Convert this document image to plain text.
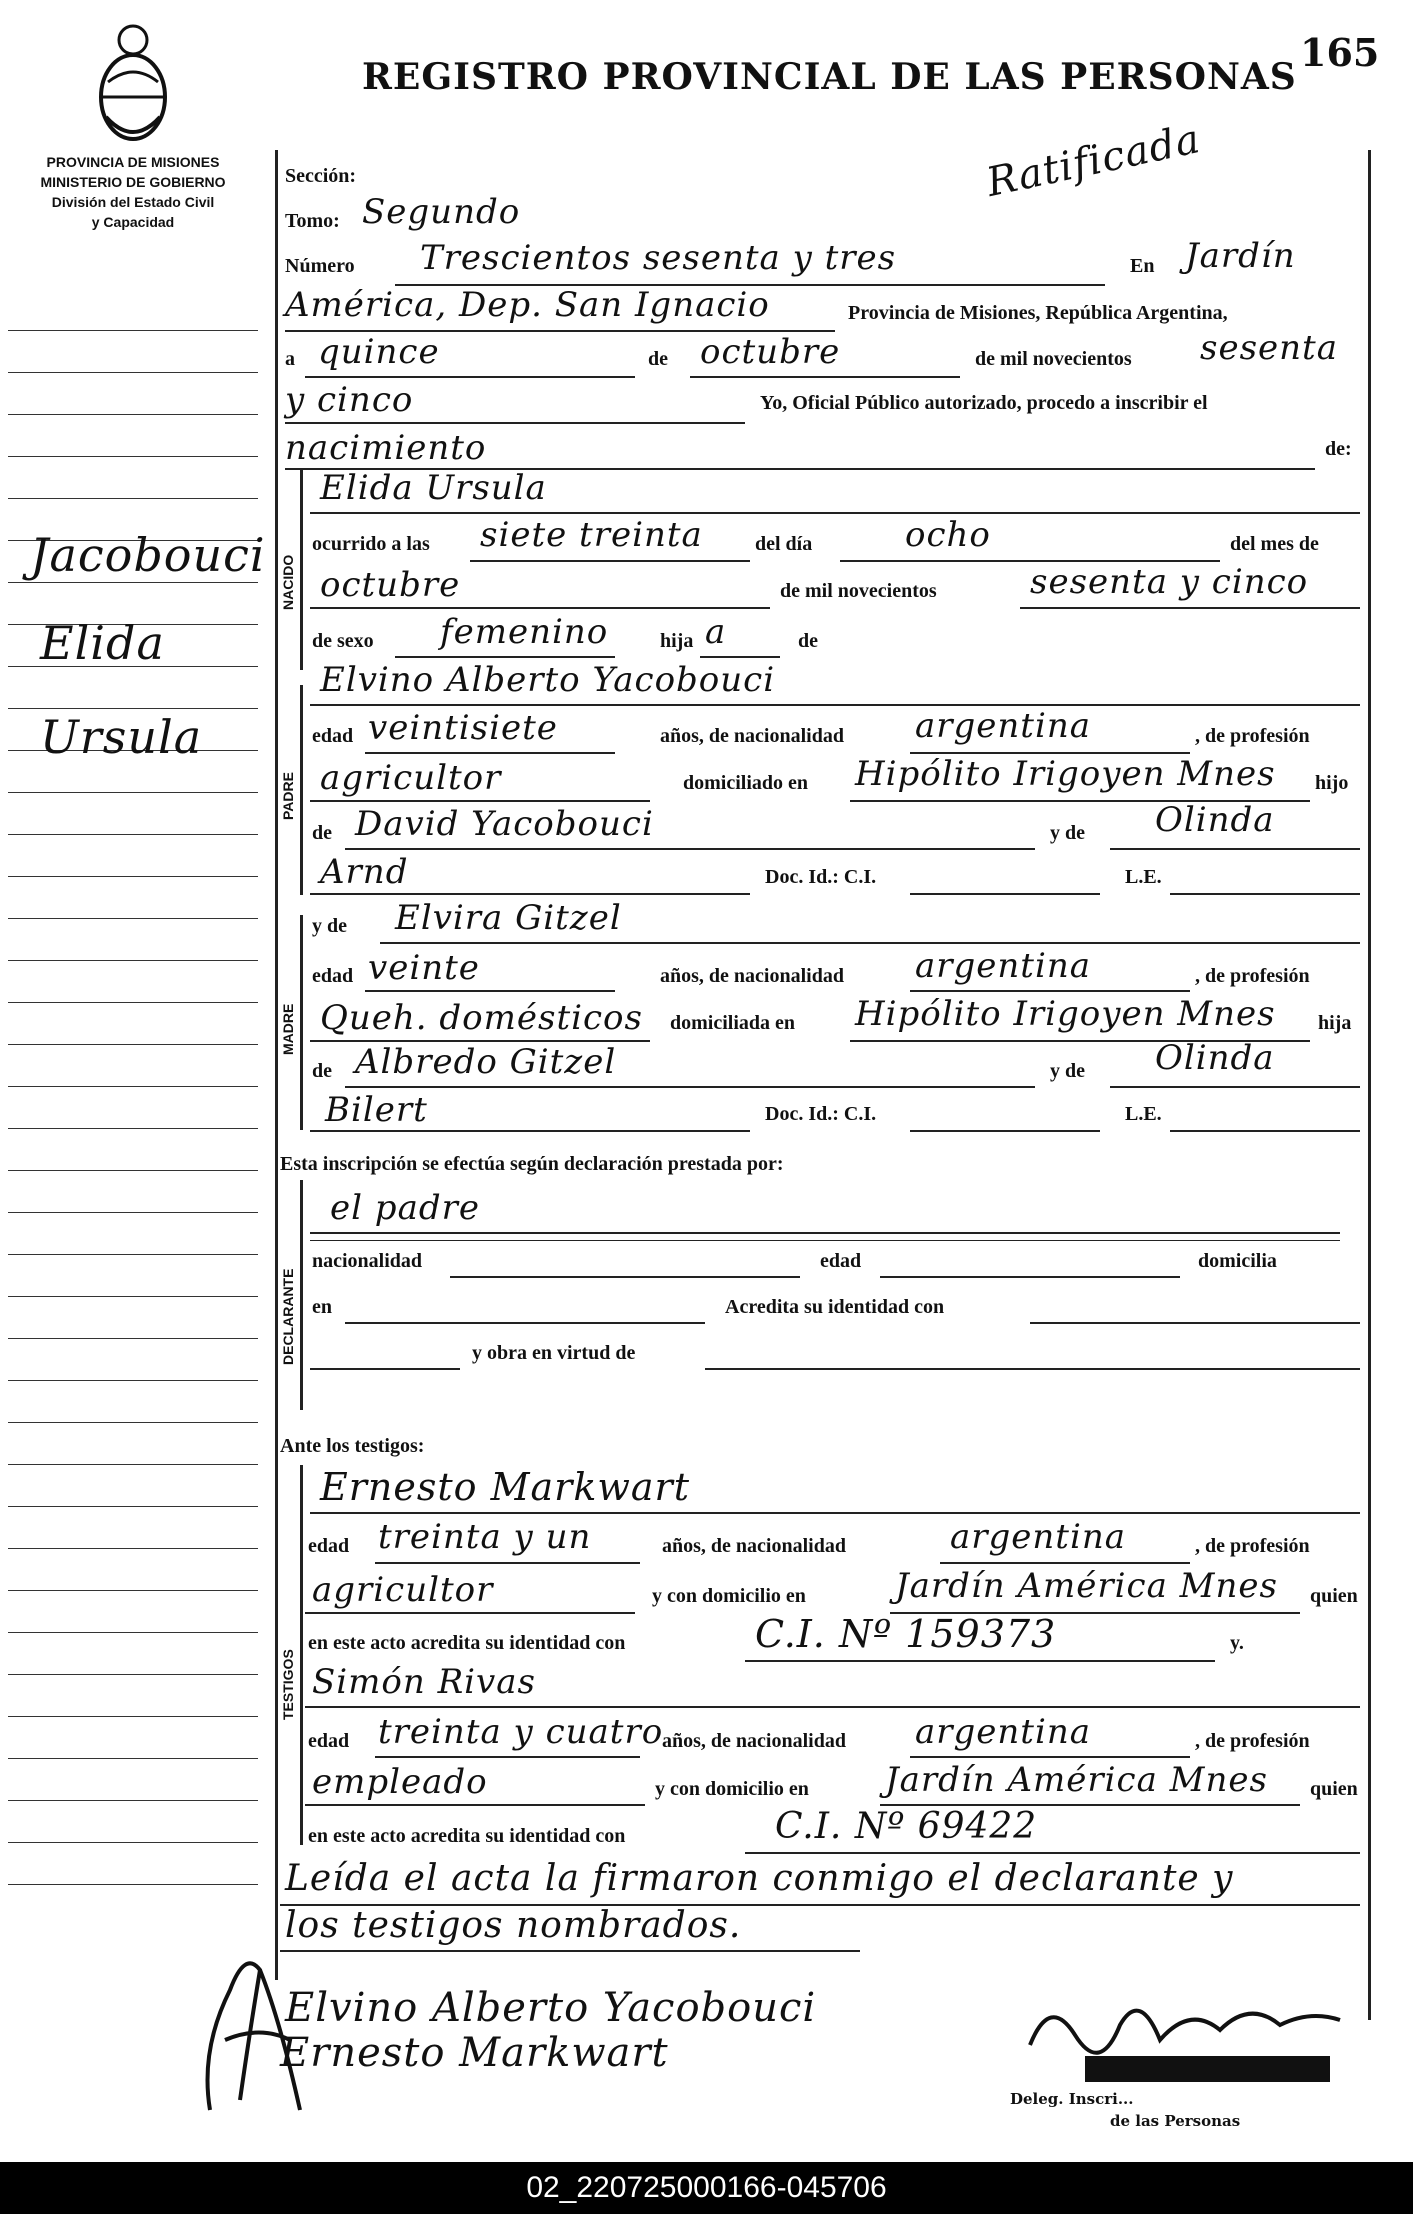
REGISTRO PROVINCIAL DE LAS PERSONAS
165
Ratificada
PROVINCIA DE MISIONES
MINISTERIO DE GOBIERNO
División del Estado Civil
y Capacidad
Jacobouci
Elida
Ursula
NACIDO
PADRE
MADRE
DECLARANTE
TESTIGOS
Sección:
Tomo: Segundo
Número Trescientos sesenta y tres	En Jardín
América, Dep. San Ignacio	Provincia de Misiones, República Argentina,
a quince	de octubre	de mil novecientos sesenta
y cinco	Yo, Oficial Público autorizado, procedo a inscribir el
nacimiento	de:
Elida Ursula
ocurrido a las siete treinta	del día	ocho	del mes de
octubre	de mil novecientos	sesenta y cinco
de sexo femenino	hija a	de
Elvino Alberto Yacobouci
edad veintisiete	años, de nacionalidad argentina	, de profesión
agricultor	domiciliado en Hipólito Irigoyen Mnes hijo
de David Yacobouci	y de Olinda
Arnd	Doc. Id.: C.I.	L.E.
y de Elvira Gitzel
edad veinte	años, de nacionalidad argentina	, de profesión
Queh. domésticos domiciliada en Hipólito Irigoyen Mnes hija
de Albredo Gitzel	y de Olinda
Bilert	Doc. Id.: C.I.	L.E.
Esta inscripción se efectúa según declaración prestada por:
el padre
nacionalidad	edad	domicilia
en	Acredita su identidad con
y obra en virtud de
Ante los testigos:
Ernesto Markwart
edad treinta y un	años, de nacionalidad	argentina	, de profesión
agricultor	y con domicilio en	Jardín América Mnes quien
en este acto acredita su identidad con	C.I. Nº 159373	y.
Simón Rivas
edad treinta y cuatro
años, de nacionalidad argentina	, de profesión
empleado	y con domicilio en Jardín América Mnes quien
en este acto acredita su identidad con	C.I. Nº 69422
Leída el acta la firmaron conmigo el declarante y
los testigos nombrados.
Elvino Alberto Yacobouci
Ernesto Markwart
Deleg. Inscri...
de las Personas
02_220725000166-045706
